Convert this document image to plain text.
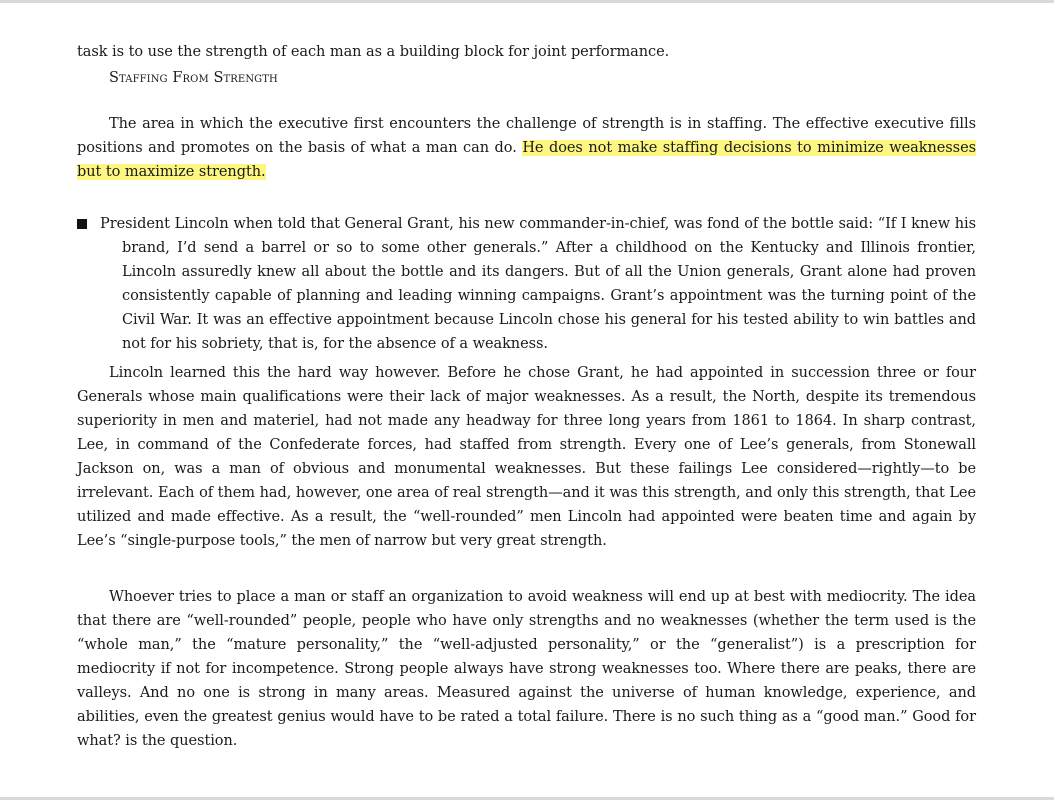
task is to use the strength of each man as a building block for joint performance.

Staffing From Strength

The area in which the executive first encounters the challenge of strength is in staffing. The effective executive fills positions and promotes on the basis of what a man can do. He does not make staffing decisions to minimize weaknesses but to maximize strength.

President Lincoln when told that General Grant, his new commander-in-chief, was fond of the bottle said: “If I knew his brand, I’d send a barrel or so to some other generals.” After a childhood on the Kentucky and Illinois frontier, Lincoln assuredly knew all about the bottle and its dangers. But of all the Union generals, Grant alone had proven consistently capable of planning and leading winning campaigns. Grant’s appointment was the turning point of the Civil War. It was an effective appointment because Lincoln chose his general for his tested ability to win battles and not for his sobriety, that is, for the absence of a weakness.

Lincoln learned this the hard way however. Before he chose Grant, he had appointed in succession three or four Generals whose main qualifications were their lack of major weaknesses. As a result, the North, despite its tremendous superiority in men and materiel, had not made any headway for three long years from 1861 to 1864. In sharp contrast, Lee, in command of the Confederate forces, had staffed from strength. Every one of Lee’s generals, from Stonewall Jackson on, was a man of obvious and monumental weaknesses. But these failings Lee considered—rightly—to be irrelevant. Each of them had, however, one area of real strength—and it was this strength, and only this strength, that Lee utilized and made effective. As a result, the “well-rounded” men Lincoln had appointed were beaten time and again by Lee’s “single-purpose tools,” the men of narrow but very great strength.

Whoever tries to place a man or staff an organization to avoid weakness will end up at best with mediocrity. The idea that there are “well-rounded” people, people who have only strengths and no weaknesses (whether the term used is the “whole man,” the “mature personality,” the “well-adjusted personality,” or the “generalist”) is a prescription for mediocrity if not for incompetence. Strong people always have strong weaknesses too. Where there are peaks, there are valleys. And no one is strong in many areas. Measured against the universe of human knowledge, experience, and abilities, even the greatest genius would have to be rated a total failure. There is no such thing as a “good man.” Good for what? is the question.
